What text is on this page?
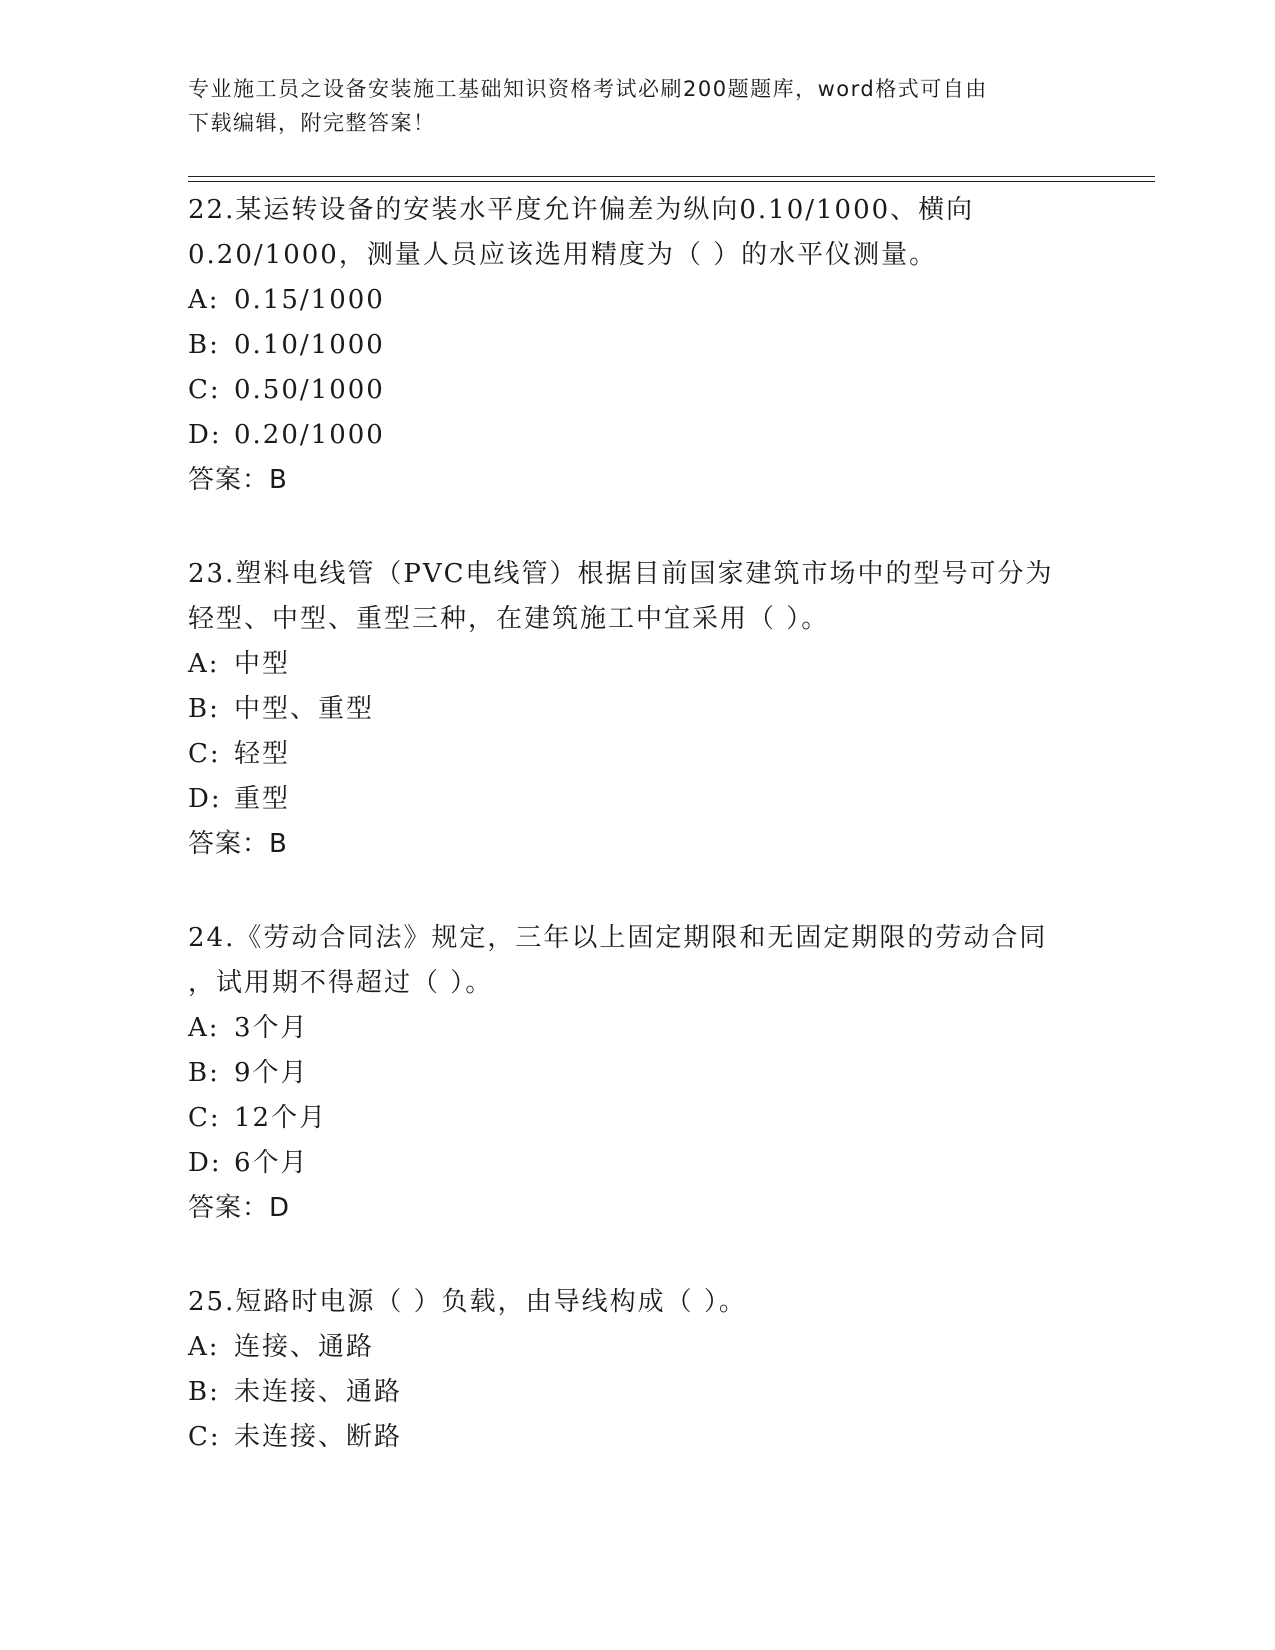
专业施工员之设备安装施工基础知识资格考试必刷200题题库，word格式可自由
下载编辑，附完整答案！
22.某运转设备的安装水平度允许偏差为纵向0.10/1000、横向
0.20/1000，测量人员应该选用精度为（ ）的水平仪测量。
A: 0.15/1000
B: 0.10/1000
C: 0.50/1000
D: 0.20/1000
答案：B
23.塑料电线管（PVC电线管）根据目前国家建筑市场中的型号可分为
轻型、中型、重型三种，在建筑施工中宜采用（ ）。
A: 中型
B: 中型、重型
C: 轻型
D: 重型
答案：B
24.《劳动合同法》规定，三年以上固定期限和无固定期限的劳动合同
，试用期不得超过（ ）。
A: 3个月
B: 9个月
C: 12个月
D: 6个月
答案：D
25.短路时电源（ ）负载，由导线构成（ ）。
A: 连接、通路
B: 未连接、通路
C: 未连接、断路
